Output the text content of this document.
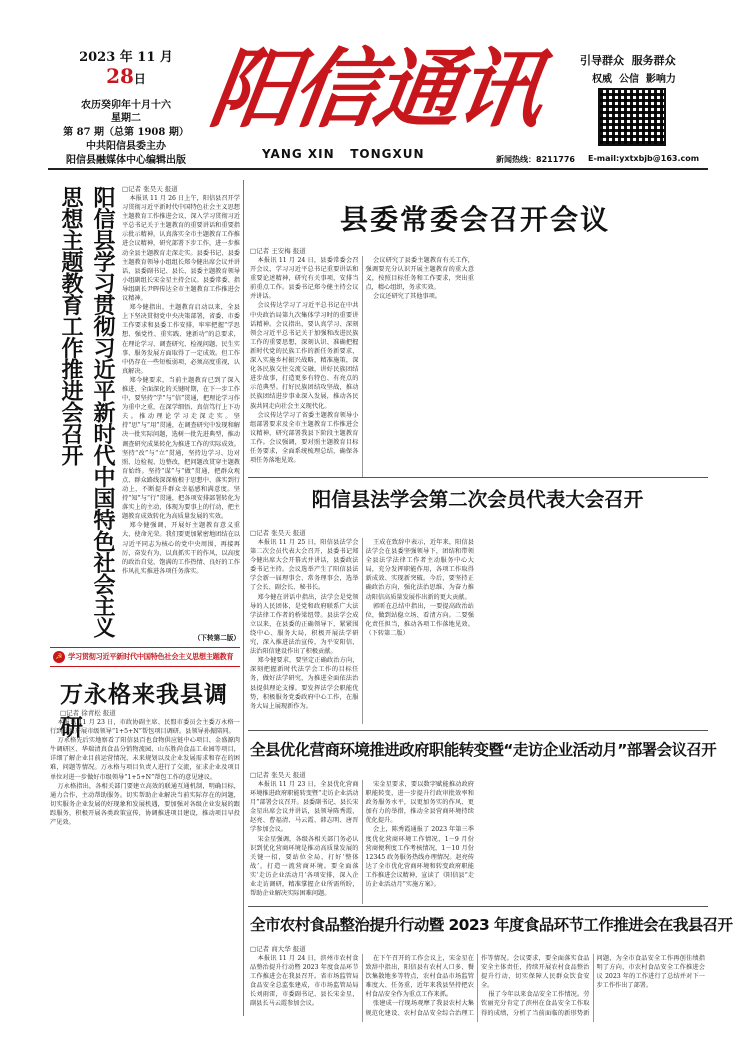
2023 年 11 月
28日
农历癸卯年十月十六
星期二
第 87 期（总第 1908 期）
中共阳信县委主办
阳信县融媒体中心编辑出版
阳信通讯
YANG XIN   TONGXUN
引导群众  服务群众
权威  公信  影响力
新闻热线：8211776	E-mail:yxtxbjb@163.com
阳信县学习贯彻习近平新时代中国特色社会主义思想主题教育工作推进会召开	□记者 张昊天 报道

本报讯 11 月 26 日上午，阳信县召开学习贯彻习近平新时代中国特色社会主义思想主题教育工作推进会议，深入学习贯彻习近平总书记关于主题教育的重要讲话和重要指示批示精神，认真落实全市主题教育工作推进会议精神，研究部署下步工作，进一步推动全县主题教育走深走实。县委书记、县委主题教育领导小组组长郑今健出席会议并讲话，县委副书记、县长、县委主题教育领导小组副组长宋金星主持会议。县委常委、指导组副长尹晖传达全市主题教育工作推进会议精神。

郑今健指出，主题教育启动以来，全县上下坚决贯彻党中央决策部署，省委、市委工作要求和县委工作安排，牢牢把握“学思想、强党性、重实践、建新功”的总要求，在理论学习、调查研究、检视问题、民生实事、服务发展方面取得了一定成效。但工作中仍存在一些短板弱项，必须高度重视，认真解决。

郑今健要求，当前主题教育已到了深入推进、全面深化的关键时期，在下一步工作中，要坚持“学”与“信”贯通，把理论学习作为重中之重，在深学细悟、真信笃行上下功夫。推动理论学习走深走实。坚持“思”与“用”贯通，在调查研究中发现和解决一批实际问题，选树一批先进典型，推动调查研究成果转化为推进工作的实际成效。坚持“改”与“立”贯通，坚持边学习、边对照、边检视、边整改，把问题改贯穿主题教育始终。坚持“谋”与“做”贯通，把群众观点、群众路线深深植根于思想中、落实到行动上，不断提升群众幸福感和满意度。坚持“知”与“行”贯通，把各项安排部署转化为落实上的主动，体现为要事上的行动，把主题教育成效转化为高质量发展的实效。

郑今健强调，开展好主题教育意义重大、使命光荣。我们要更加紧密地团结在以习近平同志为核心的党中央周围，再接再厉，奋发有为，以真抓实干的作风，以高度的政治自觉、饱满的工作热情、良好的工作作风扎实推进各项任务落实。

（下转第二版）
☭ 学习贯彻习近平新时代中国特色社会主义思想主题教育
万永格来我县调研
□记者 徐青松 报道

本报讯 11 月 23 日，市政协副主席、民盟市委员会主委万永格一行到我县开展市级领导“1+5+N”帮包项目调研。县领导孙振陪同。

万永格先后实地察看了阳信县百也食物供应链中心项目、金盛源肉牛调研区、华瑞清真食品分销物流园、山东胜尚食品工业园等项目，详细了解企业目前运营情况、未来规划以及企业发展需求和存在的困难，问题等情况。万永格与项目负责人进行了交流，征求企业及项目单位对进一步做好市级领导“1+5+N”帮包工作的意见建议。

万永格指出，各相关部门要建立高效的联通互通机制，明确目标，通力合作，主动帮助服务。切实帮助企业解决当前实际存在的问题，切实服务企业发展的好现象和发展机遇，要加强对各级企业发展的跟踪服务，积极开展各类政策宣传，协调推进项目建设，推动项目早投产见效。

县委常委会召开会议
□记者 王安梅 报道

本报讯 11 月 24 日，县委常委会召开会议，学习习近平总书记重要讲话和重要论述精神，研究有关事项，安排当前重点工作。县委书记郑今健主持会议并讲话。

会议传达学习了习近平总书记在中共中央政治局第九次集体学习时的重要讲话精神。会议指出，要认真学习、深刻领会习近平总书记关于加强和改进民族工作的重要思想，深刻认识、准确把握新时代党的民族工作的新任务新要求，深入实施乡村振兴战略，精准施策，深化各民族交往交流交融，讲好民族团结进步故事，打造更多有特色、有亮点的示范典型。打好民族团结攻坚战，推动民族团结进步事业深入发展，推动各民族共同走向社会主义现代化。

会议传达学习了省委主题教育领导小组部署要求及全市主题教育工作推进会议精神，研究部署我县下阶段主题教育工作。会议强调，要对照主题教育目标任务要求，全面系统梳理总结，确保各项任务落地见效。

会议研究了县委主题教育有关工作，强调要充分认识开展主题教育的重大意义，按照目标任务和工作要求，突出重点，精心组织，务求实效。

会议还研究了其他事项。

阳信县法学会第二次会员代表大会召开
□记者 张昊天 报道

本报讯 11 月 25 日，阳信县法学会第二次会员代表大会召开，县委书记郑今健出席大会开幕式并讲话，县委政法委书记主持。会议选举产生了阳信县法学会新一届理事会、常务理事会，选举了会长、副会长、秘书长。

郑今健在讲话中指出，法学会是党领导的人民团体，是党和政府联系广大法学法律工作者的桥梁纽带。县法学会成立以来，在县委的正确领导下，紧紧围绕中心、服务大局，积极开展法学研究，深入推进法治宣传，为平安阳信、法治阳信建设作出了积极贡献。

郑今健要求，要坚定正确政治方向，深刻把握新时代法学会工作的目标任务，做好法学研究，为推进全面依法治县提供理论支撑。要发挥法学会职能优势，积极服务党委政府中心工作，在服务大局上展现新作为。

王成在致辞中表示，近年来，阳信县法学会在县委坚强领导下，团结和带领全县法学法律工作者主动服务中心大局，充分发挥职能作用，各项工作取得新成效、实现新突破。今后，要坚持正确政治方向，强化法治思维，为奋力推动阳信高质量发展作出新的更大贡献。

郭昕在总结中指出，一要提高政治站位，做到站稳立场、看清方向。二要强化责任担当，推动各项工作落地见效。（下转第二版）

全县优化营商环境推进政府职能转变暨“走访企业活动月”部署会议召开
□记者 张昊天 报道

本报讯 11 月 23 日，全县优化营商环境推进政府职能转变暨“走访企业活动月”部署会议召开。县委副书记、县长宋金星出席会议并讲话，县领导陈秀霞、赵亮、曹福清、马云霞、韩志明、唐晋学参加会议。

宋金星强调，各级各相关部门务必认识到优化营商环境是推动高质量发展的关键一招，要站位全局、打好‘整体战’，打造一流营商环境。要全面落实‘走访企业活动月’各项安排，深入企业走访调研，精准掌握企业所需所盼，帮助企业解决实际困难问题。

宋金星要求，要以数字赋能推动政府职能转变，进一步提升行政审批效率和政务服务水平，以更加务实的作风、更加有力的举措，推动全县营商环境持续优化提升。

会上，陈秀霞通报了 2023 年第三季度优化营商环境工作情况，1－9 月份营商便利度工作考核情况，1－10 月份 12345 政务服务热线办理情况。赵亮传达了全市优化营商环境和转变政府职能工作推进会议精神，宣读了《阳信县“走访企业活动月”实施方案》。

全市农村食品整治提升行动暨 2023 年度食品环节工作推进会在我县召开
□记者 商大华 报道

本报讯 11 月 24 日，滨州市农村食品整治提升行动暨 2023 年度食品环节工作推进会在我县召开。省市场监管局食品安全总监张建成，市市场监管局局长刘雨雷，市委副书记、县长宋金星，副县长马云霞参加会议。

在下午召开的工作会议上，宋金星在致辞中指出，阳信县有农村人口多、餐饮集散地多等特点，农村食品市场监管难度大、任务重，近年来我县坚持把农村食品安全作为重点工作来抓。

张建成一行现场观摩了我县农村大集规范化建设、农村食品安全综合治理工作等情况。会议要求，要全面落实食品安全主体责任，持续开展农村食品整治提升行动，切实保障人民群众饮食安全。

报了今年以来食品安全工作情况。劳钦丽充分肯定了滨州在食品安全工作取得的成绩，分析了当前面临的新形势新问题，为全市食品安全工作再创佳绩指明了方向，市农村食品安全工作推进会议 2023 年的工作进行了总结并对下一步工作作出了部署。
